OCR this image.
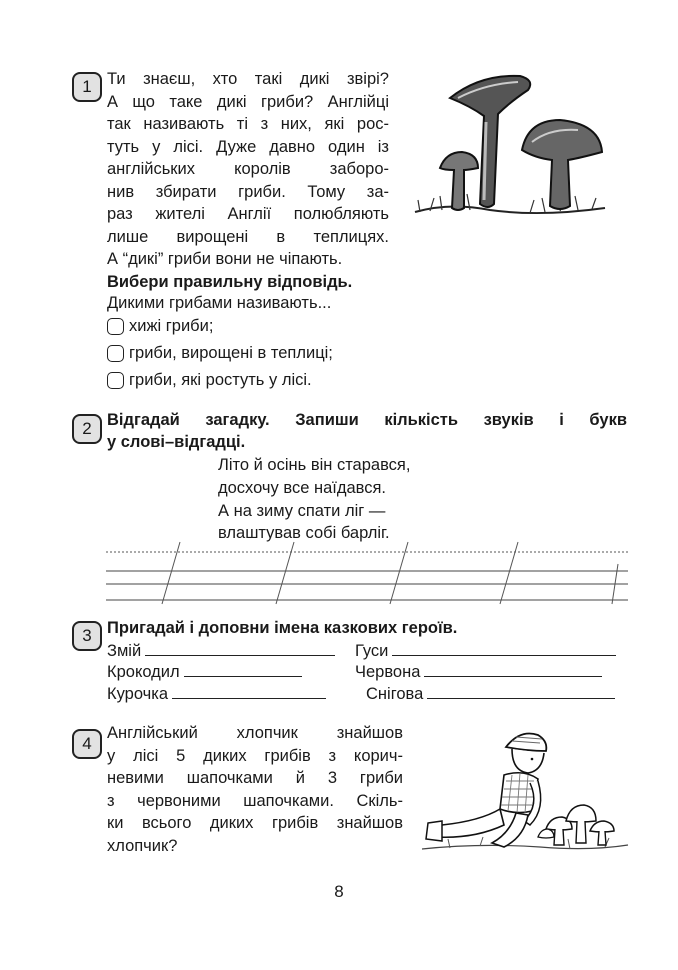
1 Ти знаєш, хто такі дикі звірі?
А що таке дикі гриби? Англійці
так називають ті з них, які рос-
туть у лісі. Дуже давно один із
англійських королів заборо-
нив збирати гриби. Тому за-
раз жителі Англії полюбляють
лише вирощені в теплицях.
А “дикі” гриби вони не чіпають.
Вибери правильну відповідь.
Дикими грибами називають...
хижі гриби;
гриби, вирощені в теплиці;
гриби, які ростуть у лісі.
2 Відгадай загадку. Запиши кількість звуків і букв
у слові–відгадці.
Літо й осінь він старався,
досхочу все наїдався.
А на зиму спати ліг —
влаштував собі барліг.
3 Пригадай і доповни імена казкових героїв.
Змій
Крокодил
Курочка
Гуси
Червона
Снігова
4
Англійський хлопчик знайшов
у лісі 5 диких грибів з корич-
невими шапочками й 3 гриби
з червоними шапочками. Скіль-
ки всього диких грибів знайшов
хлопчик?
8
